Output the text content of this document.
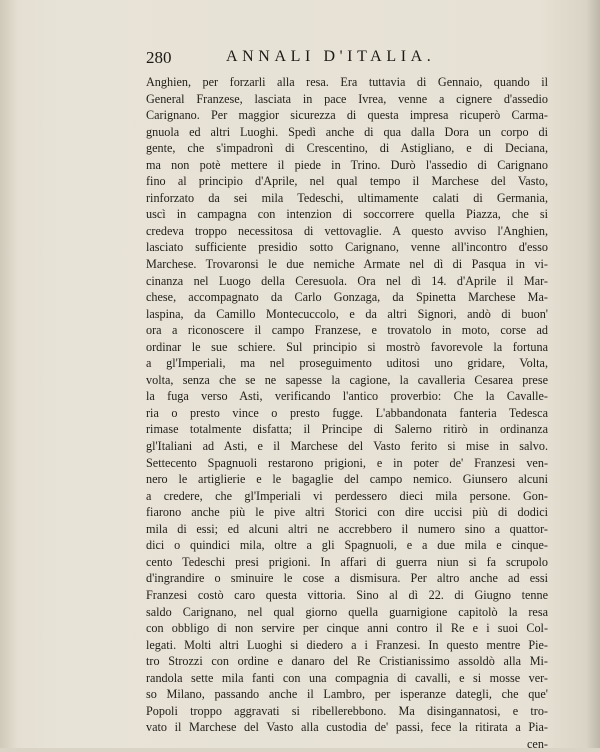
280	ANNALI D'ITALIA.
Anghien, per forzarli alla resa. Era tuttavia di Gennaio, quando il
General Franzese, lasciata in pace Ivrea, venne a cignere d'assedio
Carignano. Per maggior sicurezza di questa impresa ricuperò Carma-
gnuola ed altri Luoghi. Spedì anche di qua dalla Dora un corpo di
gente, che s'impadronì di Crescentino, di Astigliano, e di Deciana,
ma non potè mettere il piede in Trino. Durò l'assedio di Carignano
fino al principio d'Aprile, nel qual tempo il Marchese del Vasto,
rinforzato da sei mila Tedeschi, ultimamente calati di Germania,
uscì in campagna con intenzion di soccorrere quella Piazza, che si
credeva troppo necessitosa di vettovaglie. A questo avviso l'Anghien,
lasciato sufficiente presidio sotto Carignano, venne all'incontro d'esso
Marchese. Trovaronsi le due nemiche Armate nel dì di Pasqua in vi-
cinanza nel Luogo della Ceresuola. Ora nel dì 14. d'Aprile il Mar-
chese, accompagnato da Carlo Gonzaga, da Spinetta Marchese Ma-
laspina, da Camillo Montecuccolo, e da altri Signori, andò di buon'
ora a riconoscere il campo Franzese, e trovatolo in moto, corse ad
ordinar le sue schiere. Sul principio si mostrò favorevole la fortuna
a gl'Imperiali, ma nel proseguimento uditosi uno gridare, Volta,
volta, senza che se ne sapesse la cagione, la cavalleria Cesarea prese
la fuga verso Asti, verificando l'antico proverbio: Che la Cavalle-
ria o presto vince o presto fugge. L'abbandonata fanteria Tedesca
rimase totalmente disfatta; il Principe di Salerno ritirò in ordinanza
gl'Italiani ad Asti, e il Marchese del Vasto ferito si mise in salvo.
Settecento Spagnuoli restarono prigioni, e in poter de' Franzesi ven-
nero le artiglierie e le bagaglie del campo nemico. Giunsero alcuni
a credere, che gl'Imperiali vi perdessero dieci mila persone. Gon-
fiarono anche più le pive altri Storici con dire uccisi più di dodici
mila di essi; ed alcuni altri ne accrebbero il numero sino a quattor-
dici o quindici mila, oltre a gli Spagnuoli, e a due mila e cinque-
cento Tedeschi presi prigioni. In affari di guerra niun si fa scrupolo
d'ingrandire o sminuire le cose a dismisura. Per altro anche ad essi
Franzesi costò caro questa vittoria. Sino al dì 22. di Giugno tenne
saldo Carignano, nel qual giorno quella guarnigione capitolò la resa
con obbligo di non servire per cinque anni contro il Re e i suoi Col-
legati. Molti altri Luoghi si diedero a i Franzesi. In questo mentre Pie-
tro Strozzi con ordine e danaro del Re Cristianissimo assoldò alla Mi-
randola sette mila fanti con una compagnia di cavalli, e si mosse ver-
so Milano, passando anche il Lambro, per isperanze dategli, che que'
Popoli troppo aggravati si ribellerebbono. Ma disingannatosi, e tro-
vato il Marchese del Vasto alla custodia de' passi, fece la ritirata a Pia-
cen-
